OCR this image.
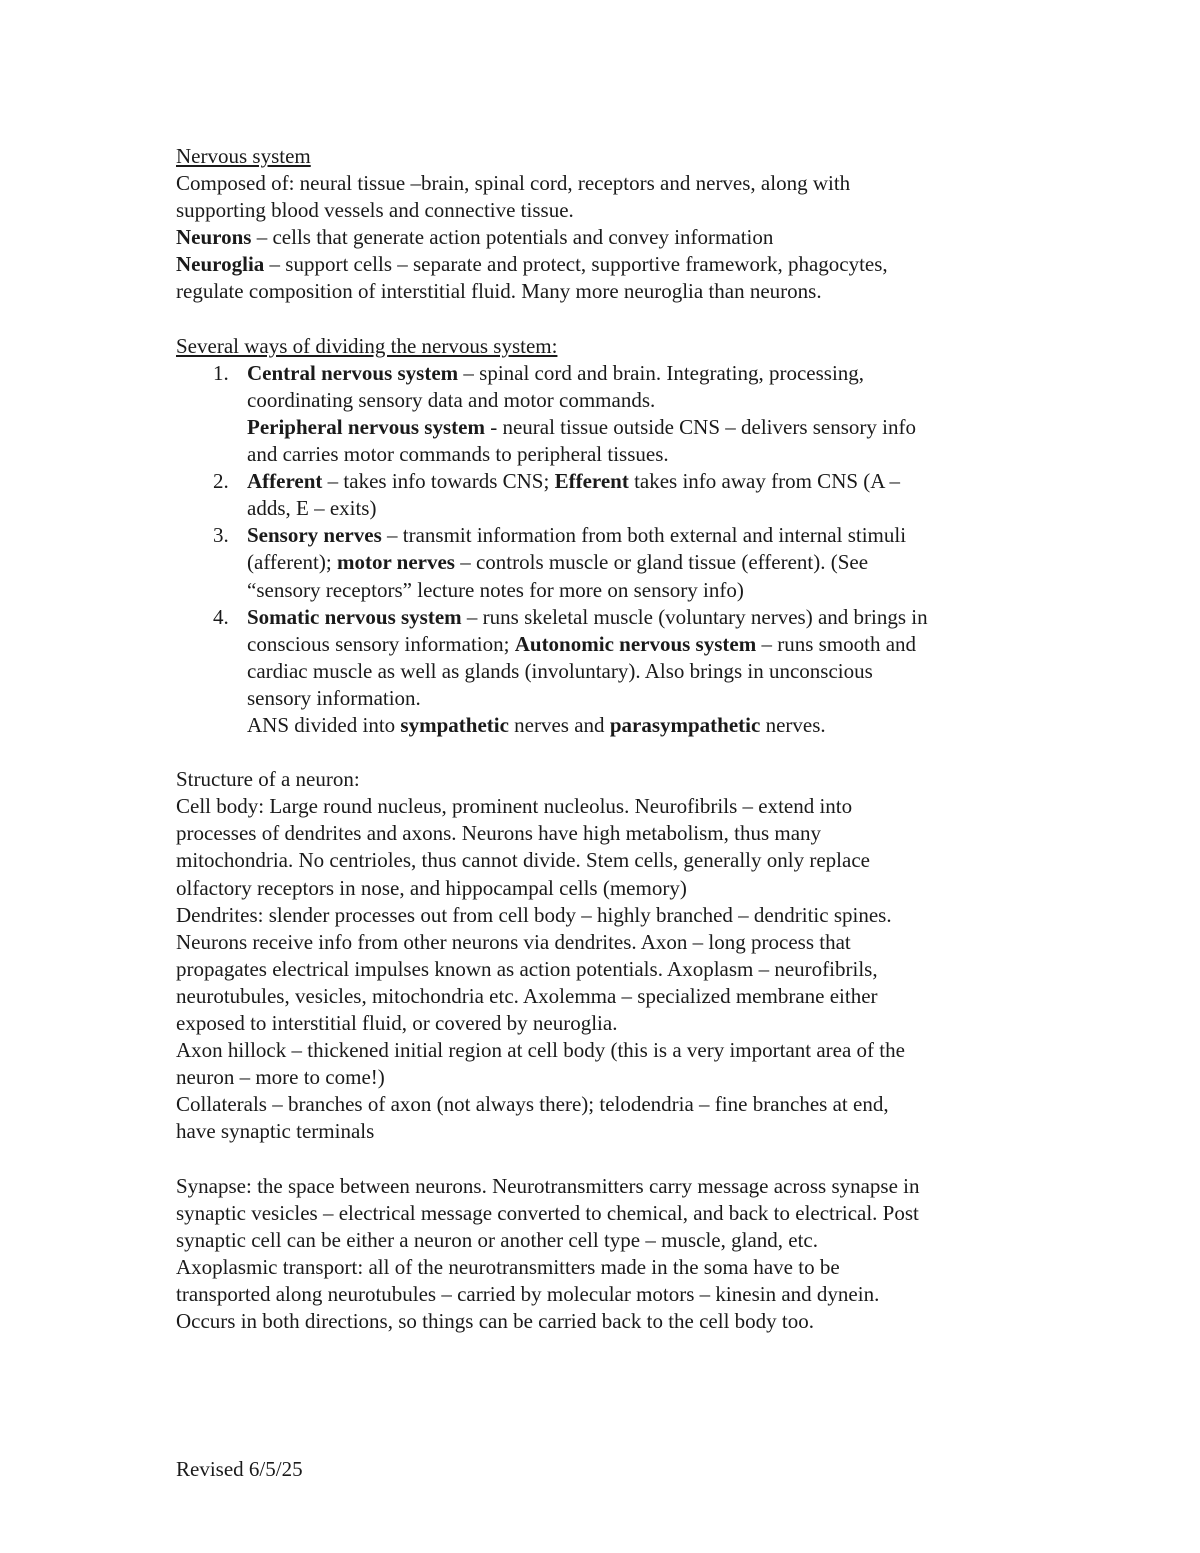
Nervous system
Composed of: neural tissue –brain, spinal cord, receptors and nerves, along with
supporting blood vessels and connective tissue.
Neurons – cells that generate action potentials and convey information
Neuroglia – support cells – separate and protect, supportive framework, phagocytes,
regulate composition of interstitial fluid. Many more neuroglia than neurons.
Several ways of dividing the nervous system:
1. Central nervous system – spinal cord and brain. Integrating, processing,
coordinating sensory data and motor commands.
Peripheral nervous system - neural tissue outside CNS – delivers sensory info
and carries motor commands to peripheral tissues.
2. Afferent – takes info towards CNS; Efferent takes info away from CNS (A –
adds, E – exits)
3. Sensory nerves – transmit information from both external and internal stimuli
(afferent); motor nerves – controls muscle or gland tissue (efferent). (See
“sensory receptors” lecture notes for more on sensory info)
4. Somatic nervous system – runs skeletal muscle (voluntary nerves) and brings in
conscious sensory information; Autonomic nervous system – runs smooth and
cardiac muscle as well as glands (involuntary). Also brings in unconscious
sensory information.
ANS divided into sympathetic nerves and parasympathetic nerves.
Structure of a neuron:
Cell body: Large round nucleus, prominent nucleolus. Neurofibrils – extend into
processes of dendrites and axons. Neurons have high metabolism, thus many
mitochondria. No centrioles, thus cannot divide. Stem cells, generally only replace
olfactory receptors in nose, and hippocampal cells (memory)
Dendrites: slender processes out from cell body – highly branched – dendritic spines.
Neurons receive info from other neurons via dendrites. Axon – long process that
propagates electrical impulses known as action potentials. Axoplasm – neurofibrils,
neurotubules, vesicles, mitochondria etc. Axolemma – specialized membrane either
exposed to interstitial fluid, or covered by neuroglia.
Axon hillock – thickened initial region at cell body (this is a very important area of the
neuron – more to come!)
Collaterals – branches of axon (not always there); telodendria – fine branches at end,
have synaptic terminals
Synapse: the space between neurons. Neurotransmitters carry message across synapse in
synaptic vesicles – electrical message converted to chemical, and back to electrical. Post
synaptic cell can be either a neuron or another cell type – muscle, gland, etc.
Axoplasmic transport: all of the neurotransmitters made in the soma have to be
transported along neurotubules – carried by molecular motors – kinesin and dynein.
Occurs in both directions, so things can be carried back to the cell body too.
Revised 6/5/25
